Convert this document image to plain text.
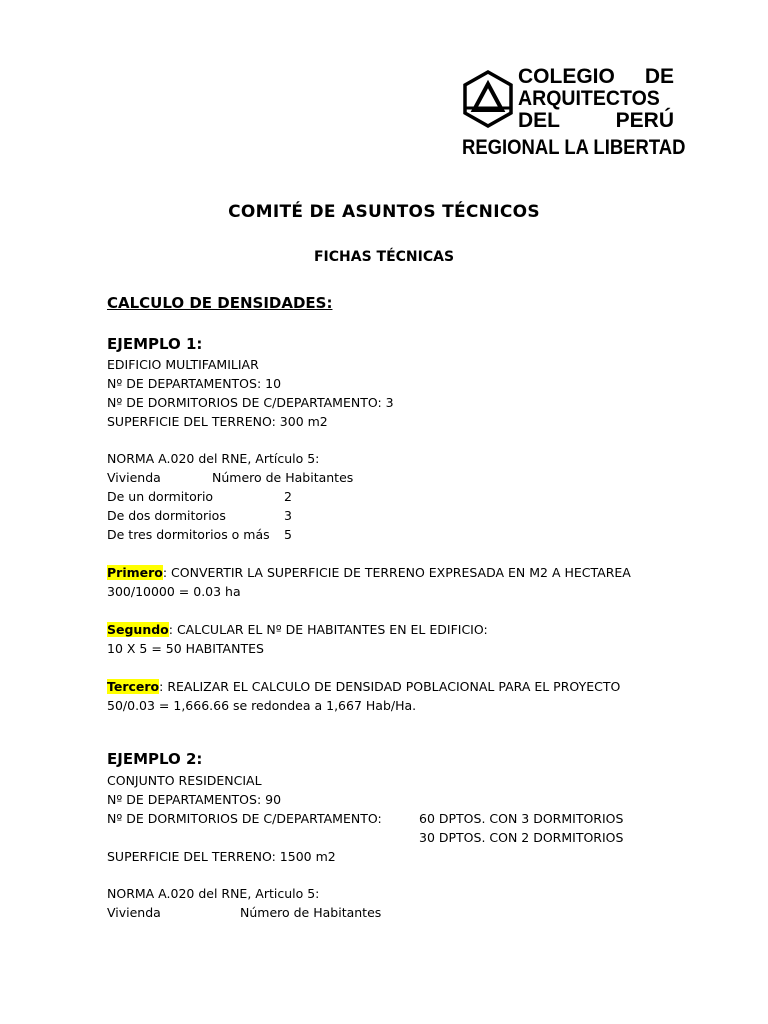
COLEGIO DE
ARQUITECTOS
DEL	PERÚ
REGIONAL LA LIBERTAD
COMITÉ DE ASUNTOS TÉCNICOS
FICHAS TÉCNICAS
CALCULO DE DENSIDADES:
EJEMPLO 1:
EDIFICIO MULTIFAMILIAR
Nº DE DEPARTAMENTOS: 10
Nº DE DORMITORIOS DE C/DEPARTAMENTO: 3
SUPERFICIE DEL TERRENO: 300 m2
NORMA A.020 del RNE, Artículo 5:
Vivienda	Número de Habitantes
De un dormitorio	2
De dos dormitorios	3
De tres dormitorios o más 5
Primero: CONVERTIR LA SUPERFICIE DE TERRENO EXPRESADA EN M2 A HECTAREA
300/10000 = 0.03 ha
Segundo: CALCULAR EL Nº DE HABITANTES EN EL EDIFICIO:
10 X 5 = 50 HABITANTES
Tercero: REALIZAR EL CALCULO DE DENSIDAD POBLACIONAL PARA EL PROYECTO
50/0.03 = 1,666.66 se redondea a 1,667 Hab/Ha.
EJEMPLO 2:
CONJUNTO RESIDENCIAL
Nº DE DEPARTAMENTOS: 90
Nº DE DORMITORIOS DE C/DEPARTAMENTO:	60 DPTOS. CON 3 DORMITORIOS
30 DPTOS. CON 2 DORMITORIOS
SUPERFICIE DEL TERRENO: 1500 m2
NORMA A.020 del RNE, Articulo 5:
Vivienda	Número de Habitantes
